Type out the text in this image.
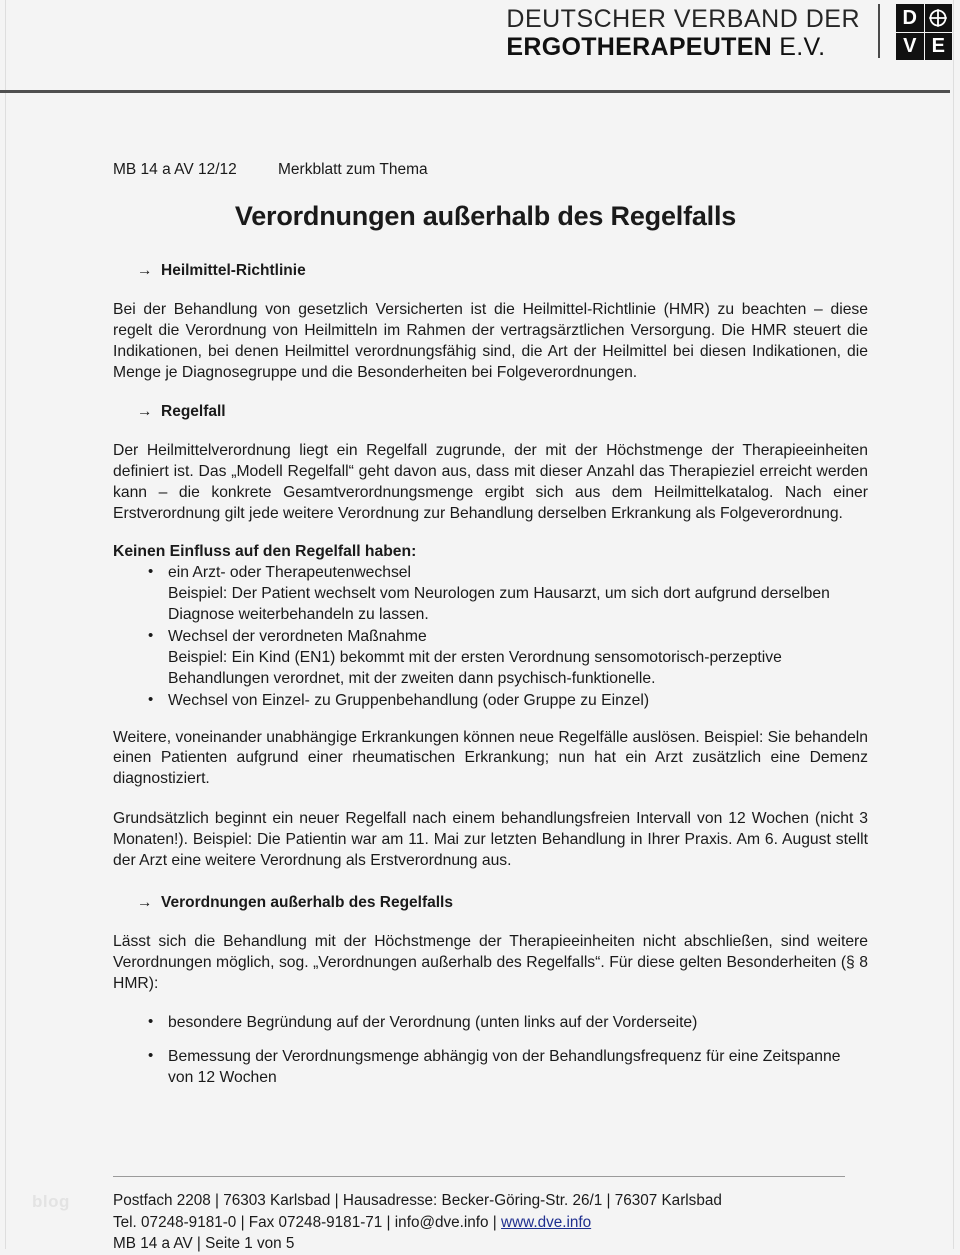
DEUTSCHER VERBAND DER
ERGOTHERAPEUTEN E.V.
D
V E
MB 14 a AV 12/12	Merkblatt zum Thema
Verordnungen außerhalb des Regelfalls
→ Heilmittel-Richtlinie

Bei der Behandlung von gesetzlich Versicherten ist die Heilmittel-Richtlinie (HMR) zu beachten – diese regelt die Verordnung von Heilmitteln im Rahmen der vertragsärztlichen Versorgung. Die HMR steuert die Indikationen, bei denen Heilmittel verordnungsfähig sind, die Art der Heilmittel bei diesen Indikationen, die Menge je Diagnosegruppe und die Besonderheiten bei Folgeverordnungen.

→ Regelfall

Der Heilmittelverordnung liegt ein Regelfall zugrunde, der mit der Höchstmenge der Therapieeinheiten definiert ist. Das „Modell Regelfall“ geht davon aus, dass mit dieser Anzahl das Therapieziel erreicht werden kann – die konkrete Gesamtverordnungsmenge ergibt sich aus dem Heilmittelkatalog. Nach einer Erstverordnung gilt jede weitere Verordnung zur Behandlung derselben Erkrankung als Folgeverordnung.

Keinen Einfluss auf den Regelfall haben:
• ein Arzt- oder Therapeutenwechsel
Beispiel: Der Patient wechselt vom Neurologen zum Hausarzt, um sich dort aufgrund derselben Diagnose weiterbehandeln zu lassen.
• Wechsel der verordneten Maßnahme
Beispiel: Ein Kind (EN1) bekommt mit der ersten Verordnung sensomotorisch-perzeptive Behandlungen verordnet, mit der zweiten dann psychisch-funktionelle.
• Wechsel von Einzel- zu Gruppenbehandlung (oder Gruppe zu Einzel)

Weitere, voneinander unabhängige Erkrankungen können neue Regelfälle auslösen. Beispiel: Sie behandeln einen Patienten aufgrund einer rheumatischen Erkrankung; nun hat ein Arzt zusätzlich eine Demenz diagnostiziert.

Grundsätzlich beginnt ein neuer Regelfall nach einem behandlungsfreien Intervall von 12 Wochen (nicht 3 Monaten!). Beispiel: Die Patientin war am 11. Mai zur letzten Behandlung in Ihrer Praxis. Am 6. August stellt der Arzt eine weitere Verordnung als Erstverordnung aus.

→ Verordnungen außerhalb des Regelfalls

Lässt sich die Behandlung mit der Höchstmenge der Therapieeinheiten nicht abschließen, sind weitere Verordnungen möglich, sog. „Verordnungen außerhalb des Regelfalls“. Für diese gelten Besonderheiten (§ 8 HMR):

• besondere Begründung auf der Verordnung (unten links auf der Vorderseite)
• Bemessung der Verordnungsmenge abhängig von der Behandlungsfrequenz für eine Zeitspanne von 12 Wochen
blog	Postfach 2208 | 76303 Karlsbad | Hausadresse: Becker-Göring-Str. 26/1 | 76307 Karlsbad
Tel. 07248-9181-0 | Fax 07248-9181-71 | info@dve.info | www.dve.info
MB 14 a AV | Seite 1 von 5
